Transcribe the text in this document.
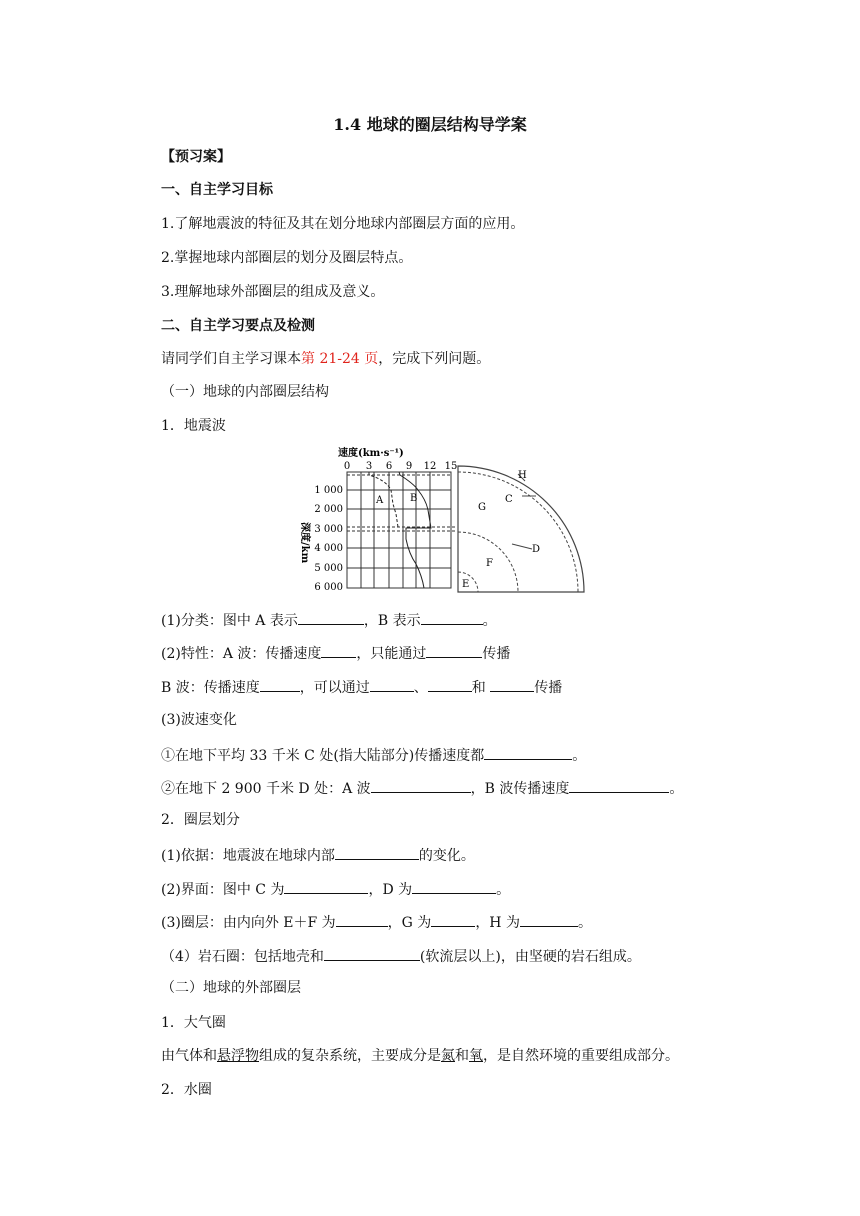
1.4 地球的圈层结构导学案
【预习案】
一、自主学习目标
1.了解地震波的特征及其在划分地球内部圈层方面的应用。
2.掌握地球内部圈层的划分及圈层特点。
3.理解地球外部圈层的组成及意义。
二、自主学习要点及检测
请同学们自主学习课本第 21-24 页，完成下列问题。
（一）地球的内部圈层结构
1．地震波
速度(km·s⁻¹)
0 3 6 9 12 15
1 000
2 000
3 000
4 000
5 000
6 000
深度/km
A	B
H
C
G
D
F
E
(1)分类：图中 A 表示	，B 表示	。
(2)特性：A 波：传播速度	，只能通过	传播
B 波：传播速度	，可以通过	、	和	传播
(3)波速变化
①在地下平均 33 千米 C 处(指大陆部分)传播速度都	。
②在地下 2 900 千米 D 处：A 波	，B 波传播速度	。
2．圈层划分
(1)依据：地震波在地球内部	的变化。
(2)界面：图中 C 为	，D 为	。
(3)圈层：由内向外 E＋F 为	，G 为	，H 为	。
（4）岩石圈：包括地壳和	(软流层以上)，由坚硬的岩石组成。
（二）地球的外部圈层
1．大气圈
由气体和悬浮物组成的复杂系统，主要成分是氮和氧，是自然环境的重要组成部分。
2．水圈
